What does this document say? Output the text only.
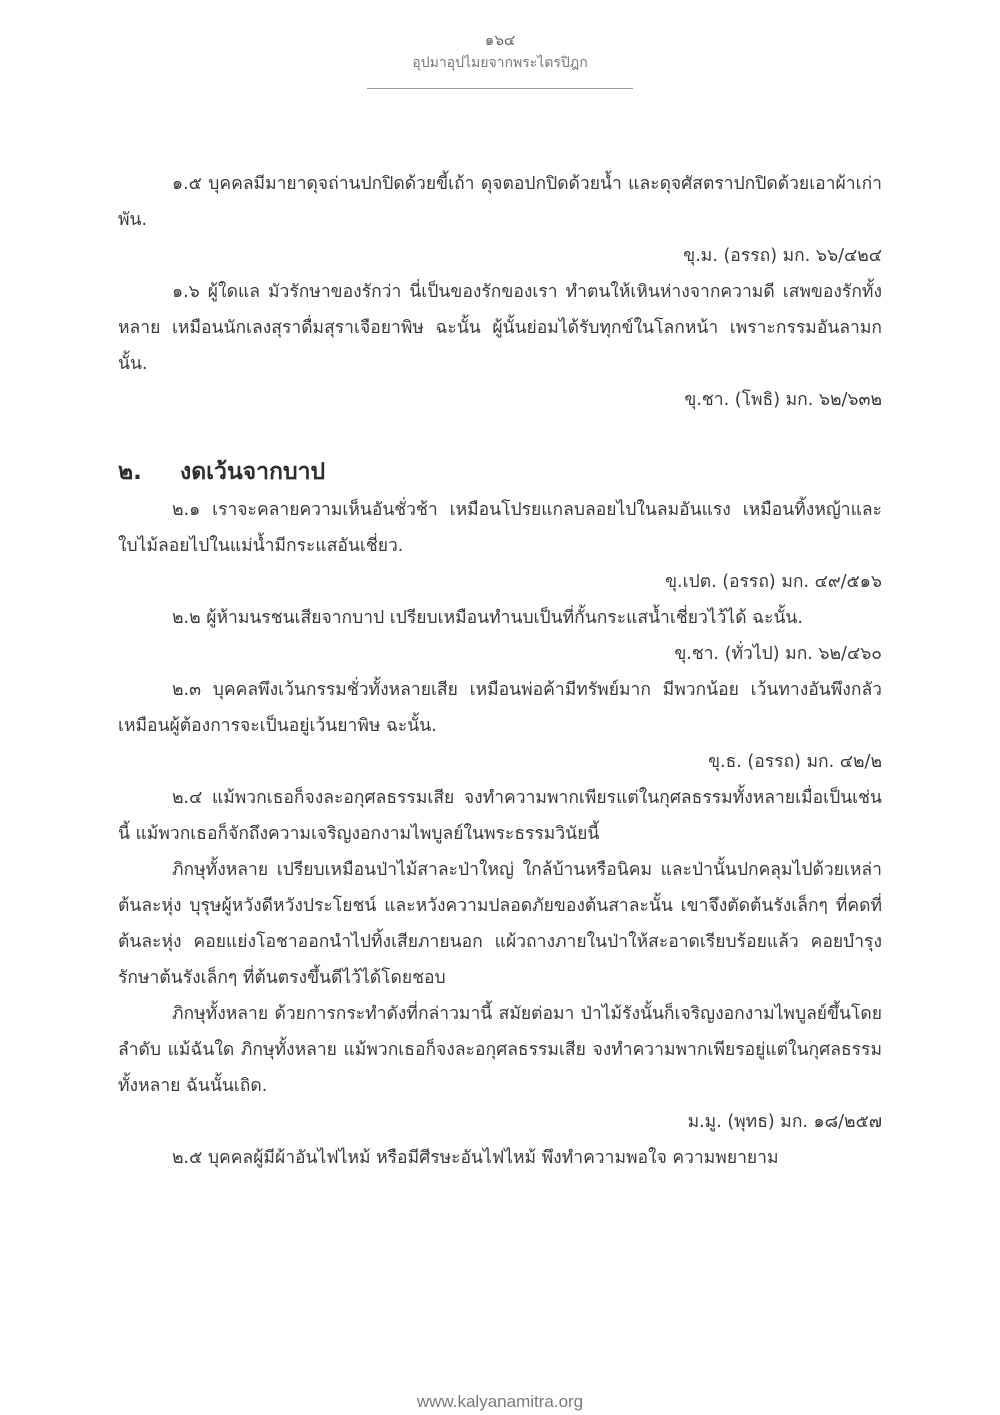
๑๖๔
อุปมาอุปไมยจากพระไตรปิฎก

๑.๕ บุคคลมีมายาดุจถ่านปกปิดด้วยขี้เถ้า ดุจตอปกปิดด้วยน้ำ และดุจศัสตราปกปิดด้วยเอาผ้าเก่าพัน.

ขุ.ม. (อรรถ) มก. ๖๖/๔๒๔

๑.๖ ผู้ใดแล มัวรักษาของรักว่า นี่เป็นของรักของเรา ทำตนให้เหินห่างจากความดี เสพของรักทั้งหลาย เหมือนนักเลงสุราดื่มสุราเจือยาพิษ ฉะนั้น ผู้นั้นย่อมได้รับทุกข์ในโลกหน้า เพราะกรรมอันลามกนั้น.

ขุ.ชา. (โพธิ) มก. ๖๒/๖๓๒

๒.	งดเว้นจากบาป

๒.๑ เราจะคลายความเห็นอันชั่วช้า เหมือนโปรยแกลบลอยไปในลมอันแรง เหมือนทิ้งหญ้าและใบไม้ลอยไปในแม่น้ำมีกระแสอันเชี่ยว.

ขุ.เปต. (อรรถ) มก. ๔๙/๕๑๖

๒.๒ ผู้ห้ามนรชนเสียจากบาป เปรียบเหมือนทำนบเป็นที่กั้นกระแสน้ำเชี่ยวไว้ได้ ฉะนั้น.

ขุ.ชา. (ทั่วไป) มก. ๖๒/๔๖๐

๒.๓ บุคคลพึงเว้นกรรมชั่วทั้งหลายเสีย เหมือนพ่อค้ามีทรัพย์มาก มีพวกน้อย เว้นทางอันพึงกลัว เหมือนผู้ต้องการจะเป็นอยู่เว้นยาพิษ ฉะนั้น.

ขุ.ธ. (อรรถ) มก. ๔๒/๒

๒.๔ แม้พวกเธอก็จงละอกุศลธรรมเสีย จงทำความพากเพียรแต่ในกุศลธรรมทั้งหลายเมื่อเป็นเช่นนี้ แม้พวกเธอก็จักถึงความเจริญงอกงามไพบูลย์ในพระธรรมวินัยนี้

ภิกษุทั้งหลาย เปรียบเหมือนป่าไม้สาละป่าใหญ่ ใกล้บ้านหรือนิคม และป่านั้นปกคลุมไปด้วยเหล่าต้นละหุ่ง บุรุษผู้หวังดีหวังประโยชน์ และหวังความปลอดภัยของต้นสาละนั้น เขาจึงตัดต้นรังเล็กๆ ที่คดที่ต้นละหุ่ง คอยแย่งโอชาออกนำไปทิ้งเสียภายนอก แผ้วถางภายในป่าให้สะอาดเรียบร้อยแล้ว คอยบำรุงรักษาต้นรังเล็กๆ ที่ต้นตรงขึ้นดีไว้ได้โดยชอบ

ภิกษุทั้งหลาย ด้วยการกระทำดังที่กล่าวมานี้ สมัยต่อมา ป่าไม้รังนั้นก็เจริญงอกงามไพบูลย์ขึ้นโดยลำดับ แม้ฉันใด ภิกษุทั้งหลาย แม้พวกเธอก็จงละอกุศลธรรมเสีย จงทำความพากเพียรอยู่แต่ในกุศลธรรมทั้งหลาย ฉันนั้นเถิด.

ม.มู. (พุทธ) มก. ๑๘/๒๕๗

๒.๕ บุคคลผู้มีผ้าอันไฟไหม้ หรือมีศีรษะอันไฟไหม้ พึงทำความพอใจ ความพยายาม

www.kalyanamitra.org
